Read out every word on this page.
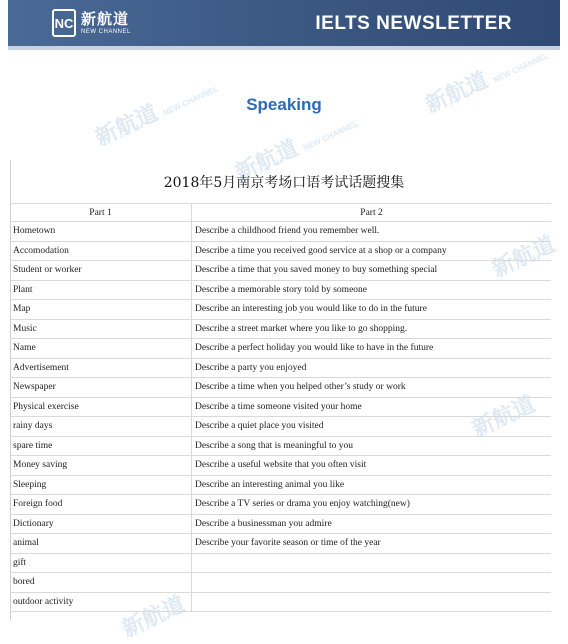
NC 新航道
NEW CHANNEL	IELTS NEWSLETTER
新航道 NEW CHANNEL
新航道 NEW CHANNEL
新航道 NEW CHANNEL
新航道
新航道
新航道
Speaking
2018年5月南京考场口语考试话题搜集
Part 1	Part 2
Hometown	Describe a childhood friend you remember well.
Accomodation	Describe a time you received good service at a shop or a company
Student or worker	Describe a time that you saved money to buy something special
Plant	Describe a memorable story told by someone
Map	Describe an interesting job you would like to do in the future
Music	Describe a street market where you like to go shopping.
Name	Describe a perfect holiday you would like to have in the future
Advertisement	Describe a party you enjoyed
Newspaper	Describe a time when you helped other’s study or work
Physical exercise	Describe a time someone visited your home
rainy days	Describe a quiet place you visited
spare time	Describe a song that is meaningful to you
Money saving	Describe a useful website that you often visit
Sleeping	Describe an interesting animal you like
Foreign food	Describe a TV series or drama you enjoy watching(new)
Dictionary	Describe a businessman you admire
animal	Describe your favorite season or time of the year
gift	
bored	
outdoor activity	
